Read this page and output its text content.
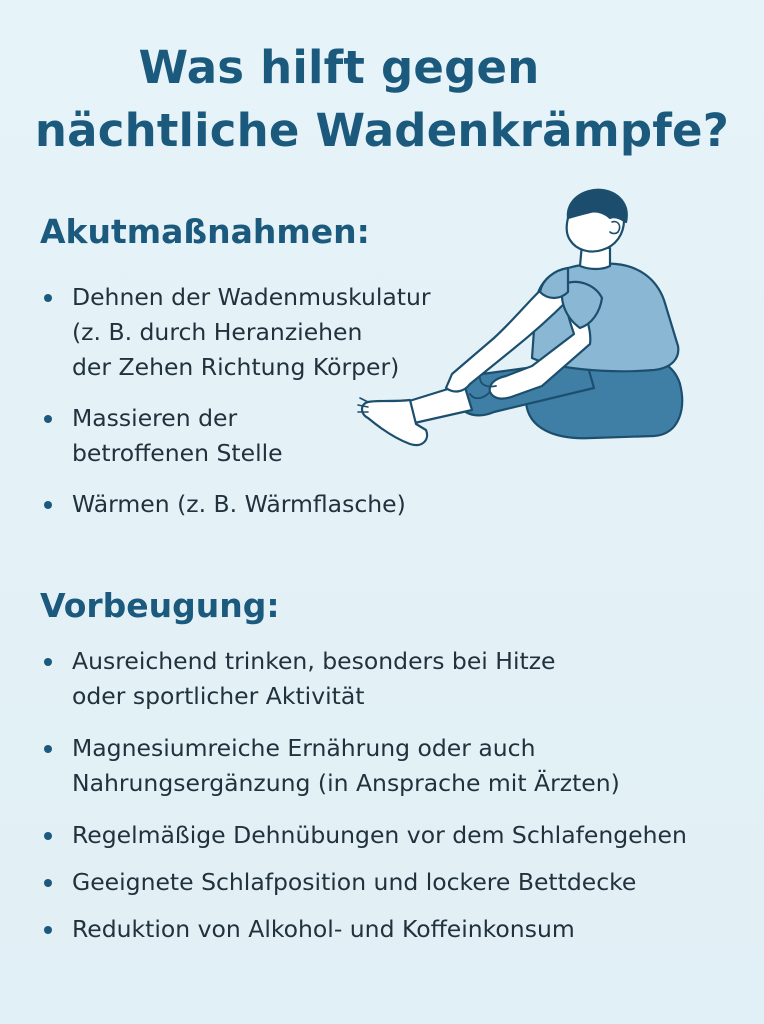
Was hilft gegen
nächtliche Wadenkrämpfe?
Akutmaßnahmen:
Dehnen der Wadenmuskulatur
(z. B. durch Heranziehen
der Zehen Richtung Körper)
Massieren der
betroffenen Stelle
Wärmen (z. B. Wärmflasche)
Vorbeugung:
Ausreichend trinken, besonders bei Hitze
oder sportlicher Aktivität
Magnesiumreiche Ernährung oder auch
Nahrungsergänzung (in Ansprache mit Ärzten)
Regelmäßige Dehnübungen vor dem Schlafengehen
Geeignete Schlafposition und lockere Bettdecke
Reduktion von Alkohol- und Koffeinkonsum
